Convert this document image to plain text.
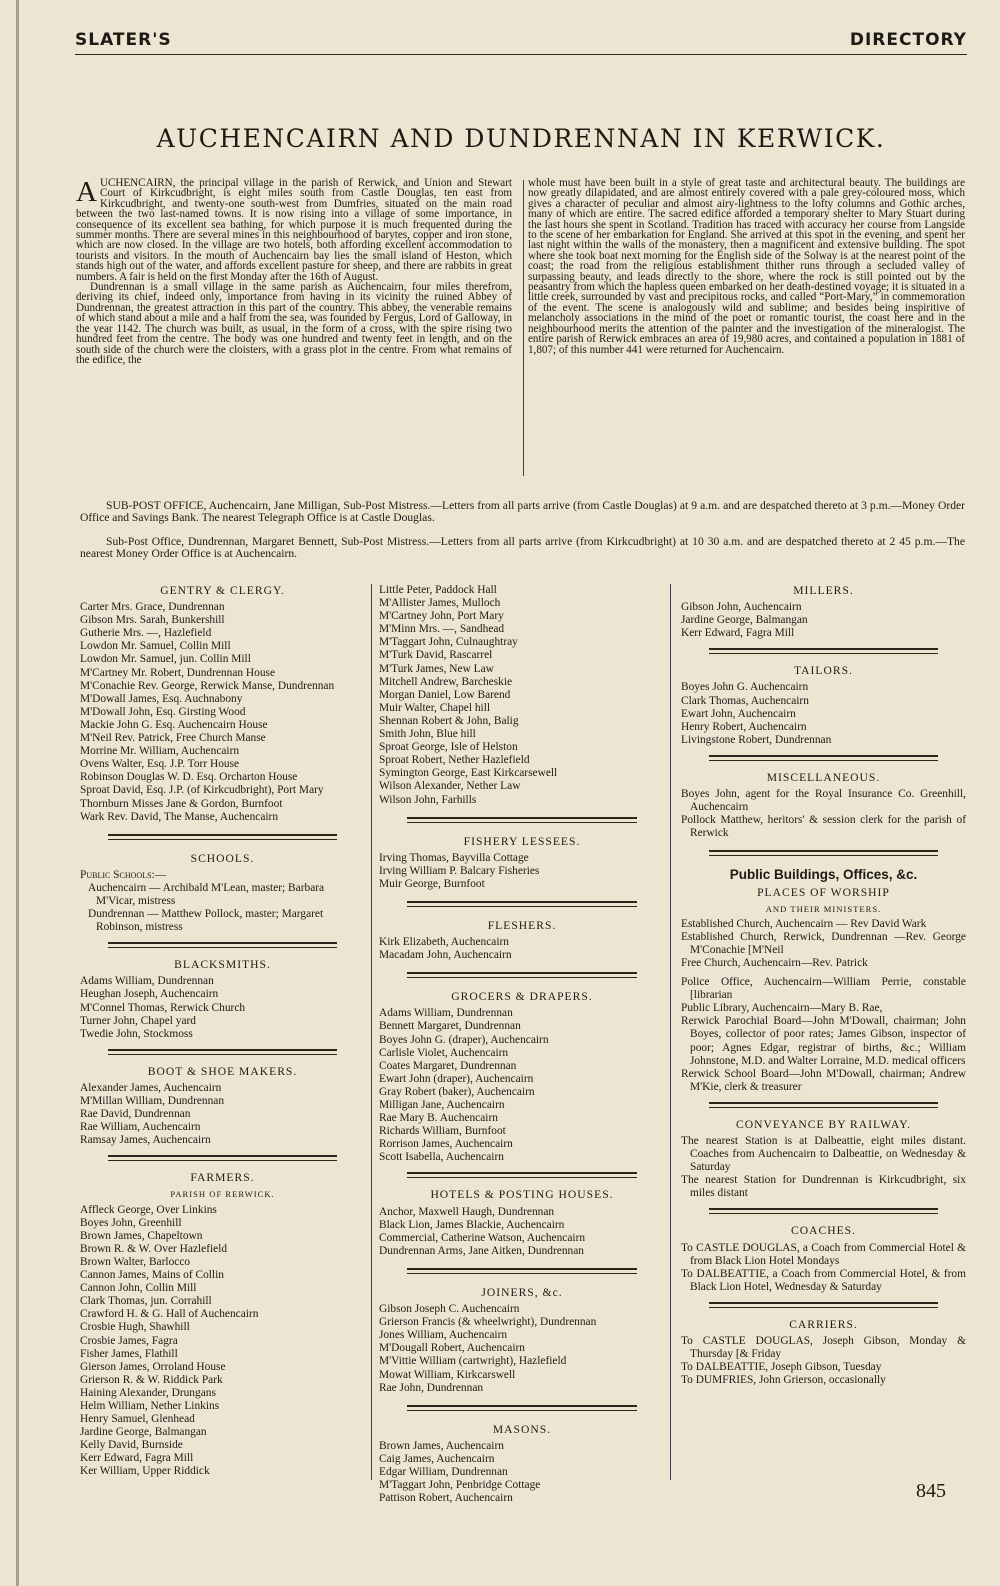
SLATER'S	DIRECTORY
AUCHENCAIRN AND DUNDRENNAN IN KERWICK.

AUCHENCAIRN, the principal village in the parish of Rerwick, and Union and Stewart Court of Kirkcudbright, is eight miles south from Castle Douglas, ten east from Kirkcudbright, and twenty-one south-west from Dumfries, situated on the main road between the two last-named towns. It is now rising into a village of some importance, in consequence of its excellent sea bathing, for which purpose it is much frequented during the summer months. There are several mines in this neighbourhood of barytes, copper and iron stone, which are now closed. In the village are two hotels, both affording excellent accommodation to tourists and visitors. In the mouth of Auchencairn bay lies the small island of Heston, which stands high out of the water, and affords excellent pasture for sheep, and there are rabbits in great numbers. A fair is held on the first Monday after the 16th of August.

Dundrennan is a small village in the same parish as Auchencairn, four miles therefrom, deriving its chief, indeed only, importance from having in its vicinity the ruined Abbey of Dundrennan, the greatest attraction in this part of the country. This abbey, the venerable remains of which stand about a mile and a half from the sea, was founded by Fergus, Lord of Galloway, in the year 1142. The church was built, as usual, in the form of a cross, with the spire rising two hundred feet from the centre. The body was one hundred and twenty feet in length, and on the south side of the church were the cloisters, with a grass plot in the centre. From what remains of the edifice, the

whole must have been built in a style of great taste and architectural beauty. The buildings are now greatly dilapidated, and are almost entirely covered with a pale grey-coloured moss, which gives a character of peculiar and almost airy-lightness to the lofty columns and Gothic arches, many of which are entire. The sacred edifice afforded a temporary shelter to Mary Stuart during the last hours she spent in Scotland. Tradition has traced with accuracy her course from Langside to the scene of her embarkation for England. She arrived at this spot in the evening, and spent her last night within the walls of the monastery, then a magnificent and extensive building. The spot where she took boat next morning for the English side of the Solway is at the nearest point of the coast; the road from the religious establishment thither runs through a secluded valley of surpassing beauty, and leads directly to the shore, where the rock is still pointed out by the peasantry from which the hapless queen embarked on her death-destined voyage; it is situated in a little creek, surrounded by vast and precipitous rocks, and called “Port-Mary,” in commemoration of the event. The scene is analogously wild and sublime; and besides being inspiritive of melancholy associations in the mind of the poet or romantic tourist, the coast here and in the neighbourhood merits the attention of the painter and the investigation of the mineralogist. The entire parish of Rerwick embraces an area of 19,980 acres, and contained a population in 1881 of 1,807; of this number 441 were returned for Auchencairn.

SUB-POST OFFICE, Auchencairn, Jane Milligan, Sub-Post Mistress.—Letters from all parts arrive (from Castle Douglas) at 9 a.m. and are despatched thereto at 3 p.m.—Money Order Office and Savings Bank. The nearest Telegraph Office is at Castle Douglas.
Sub-Post Office, Dundrennan, Margaret Bennett, Sub-Post Mistress.—Letters from all parts arrive (from Kirkcudbright) at 10 30 a.m. and are despatched thereto at 2 45 p.m.—The nearest Money Order Office is at Auchencairn.
GENTRY & CLERGY.
Carter Mrs. Grace, Dundrennan
Gibson Mrs. Sarah, Bunkershill
Gutherie Mrs. —, Hazlefield
Lowdon Mr. Samuel, Collin Mill
Lowdon Mr. Samuel, jun. Collin Mill
M'Cartney Mr. Robert, Dundrennan House
M'Conachie Rev. George, Rerwick Manse, Dundrennan
M'Dowall James, Esq. Auchnabony
M'Dowall John, Esq. Girsting Wood
Mackie John G. Esq. Auchencairn House
M'Neil Rev. Patrick, Free Church Manse
Morrine Mr. William, Auchencairn
Ovens Walter, Esq. J.P. Torr House
Robinson Douglas W. D. Esq. Orcharton House
Sproat David, Esq. J.P. (of Kirkcudbright), Port Mary
Thornburn Misses Jane & Gordon, Burnfoot
Wark Rev. David, The Manse, Auchencairn
SCHOOLS.
Public Schools:—
Auchencairn — Archibald M'Lean, master; Barbara M'Vicar, mistress
Dundrennan — Matthew Pollock, master; Margaret Robinson, mistress
BLACKSMITHS.
Adams William, Dundrennan
Heughan Joseph, Auchencairn
M'Connel Thomas, Rerwick Church
Turner John, Chapel yard
Twedie John, Stockmoss
BOOT & SHOE MAKERS.
Alexander James, Auchencairn
M'Millan William, Dundrennan
Rae David, Dundrennan
Rae William, Auchencairn
Ramsay James, Auchencairn
FARMERS.
PARISH OF RERWICK.
Affleck George, Over Linkins
Boyes John, Greenhill
Brown James, Chapeltown
Brown R. & W. Over Hazlefield
Brown Walter, Barlocco
Cannon James, Mains of Collin
Cannon John, Collin Mill
Clark Thomas, jun. Corrahill
Crawford H. & G. Hall of Auchencairn
Crosbie Hugh, Shawhill
Crosbie James, Fagra
Fisher James, Flathill
Gierson James, Orroland House
Grierson R. & W. Riddick Park
Haining Alexander, Drungans
Helm William, Nether Linkins
Henry Samuel, Glenhead
Jardine George, Balmangan
Kelly David, Burnside
Kerr Edward, Fagra Mill
Ker William, Upper Riddick
Little Peter, Paddock Hall
M'Allister James, Mulloch
M'Cartney John, Port Mary
M'Minn Mrs. —, Sandhead
M'Taggart John, Culnaughtray
M'Turk David, Rascarrel
M'Turk James, New Law
Mitchell Andrew, Barcheskie
Morgan Daniel, Low Barend
Muir Walter, Chapel hill
Shennan Robert & John, Balig
Smith John, Blue hill
Sproat George, Isle of Helston
Sproat Robert, Nether Hazlefield
Symington George, East Kirkcarsewell
Wilson Alexander, Nether Law
Wilson John, Farhills
FISHERY LESSEES.
Irving Thomas, Bayvilla Cottage
Irving William P. Balcary Fisheries
Muir George, Burnfoot
FLESHERS.
Kirk Elizabeth, Auchencairn
Macadam John, Auchencairn
GROCERS & DRAPERS.
Adams William, Dundrennan
Bennett Margaret, Dundrennan
Boyes John G. (draper), Auchencairn
Carlisle Violet, Auchencairn
Coates Margaret, Dundrennan
Ewart John (draper), Auchencairn
Gray Robert (baker), Auchencairn
Milligan Jane, Auchencairn
Rae Mary B. Auchencairn
Richards William, Burnfoot
Rorrison James, Auchencairn
Scott Isabella, Auchencairn
HOTELS & POSTING HOUSES.
Anchor, Maxwell Haugh, Dundrennan
Black Lion, James Blackie, Auchencairn
Commercial, Catherine Watson, Auchencairn
Dundrennan Arms, Jane Aitken, Dundrennan
JOINERS, &c.
Gibson Joseph C. Auchencairn
Grierson Francis (& wheelwright), Dundrennan
Jones William, Auchencairn
M'Dougall Robert, Auchencairn
M'Vittie William (cartwright), Hazlefield
Mowat William, Kirkcarswell
Rae John, Dundrennan
MASONS.
Brown James, Auchencairn
Caig James, Auchencairn
Edgar William, Dundrennan
M'Taggart John, Penbridge Cottage
Pattison Robert, Auchencairn
MILLERS.
Gibson John, Auchencairn
Jardine George, Balmangan
Kerr Edward, Fagra Mill
TAILORS.
Boyes John G. Auchencairn
Clark Thomas, Auchencairn
Ewart John, Auchencairn
Henry Robert, Auchencairn
Livingstone Robert, Dundrennan
MISCELLANEOUS.
Boyes John, agent for the Royal Insurance Co. Greenhill, Auchencairn
Pollock Matthew, heritors' & session clerk for the parish of Rerwick
Public Buildings, Offices, &c.
PLACES OF WORSHIP
AND THEIR MINISTERS.
Established Church, Auchencairn — Rev David Wark
Established Church, Rerwick, Dundrennan —Rev. George M'Conachie [M'Neil
Free Church, Auchencairn—Rev. Patrick
Police Office, Auchencairn—William Perrie, constable [librarian
Public Library, Auchencairn—Mary B. Rae,
Rerwick Parochial Board—John M'Dowall, chairman; John Boyes, collector of poor rates; James Gibson, inspector of poor; Agnes Edgar, registrar of births, &c.; William Johnstone, M.D. and Walter Lorraine, M.D. medical officers
Rerwick School Board—John M'Dowall, chairman; Andrew M'Kie, clerk & treasurer
CONVEYANCE BY RAILWAY.
The nearest Station is at Dalbeattie, eight miles distant. Coaches from Auchencairn to Dalbeattie, on Wednesday & Saturday
The nearest Station for Dundrennan is Kirkcudbright, six miles distant
COACHES.
To CASTLE DOUGLAS, a Coach from Commercial Hotel & from Black Lion Hotel Mondays
To DALBEATTIE, a Coach from Commercial Hotel, & from Black Lion Hotel, Wednesday & Saturday
CARRIERS.
To CASTLE DOUGLAS, Joseph Gibson, Monday & Thursday [& Friday
To DALBEATTIE, Joseph Gibson, Tuesday
To DUMFRIES, John Grierson, occasionally
845
